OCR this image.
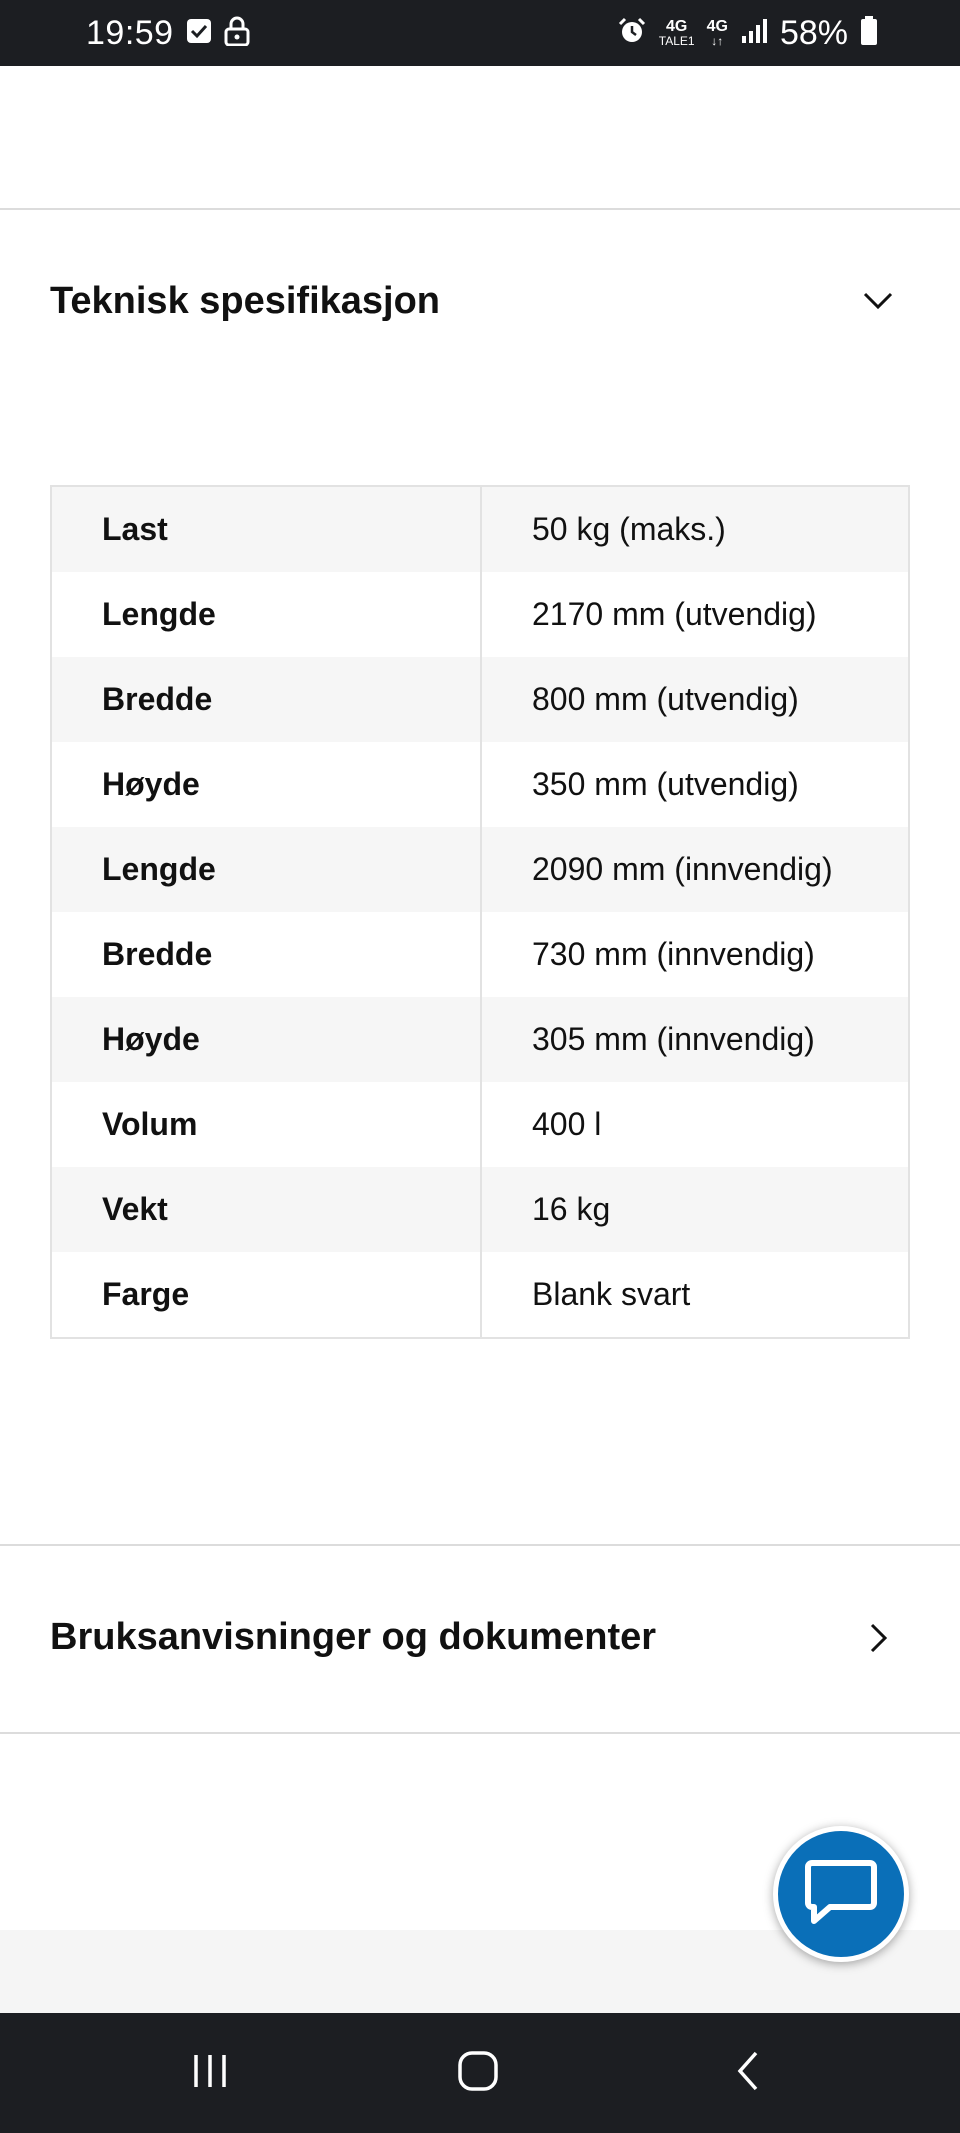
19:59	4G
TALE1
4G
↓↑ 58%
Teknisk spesifikasjon
Last	50 kg (maks.)
Lengde	2170 mm (utvendig)
Bredde	800 mm (utvendig)
Høyde	350 mm (utvendig)
Lengde	2090 mm (innvendig)
Bredde	730 mm (innvendig)
Høyde	305 mm (innvendig)
Volum	400 l
Vekt	16 kg
Farge	Blank svart
Bruksanvisninger og dokumenter
